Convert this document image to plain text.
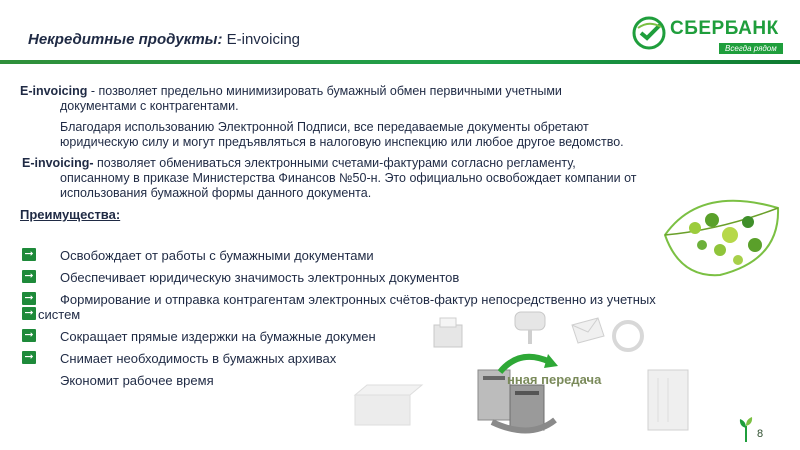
Некредитные продукты: E-invoicing
СБЕРБАНК
Всегда рядом
E-invoicing - позволяет предельно минимизировать бумажный обмен первичными учетными
документами с контрагентами.
Благодаря использованию Электронной Подписи, все передаваемые документы обретают
юридическую силу и могут предъявляться в налоговую инспекцию или любое другое ведомство.
E-invoicing- позволяет обмениваться электронными счетами-фактурами согласно регламенту,
описанному в приказе Министерства Финансов №50-н. Это официально освобождает компании от
использования бумажной формы данного документа.
Преимущества:
нная передача
➞ Освобождает от работы с бумажными документами
➞ Обеспечивает юридическую значимость электронных документов
➞ Формирование и отправка контрагентам электронных счётов-фактур непосредственно из учетных
➞ систем
➞ Сокращает прямые издержки на бумажные докумен
➞ Снимает необходимость в бумажных архивах
Экономит рабочее время
8
